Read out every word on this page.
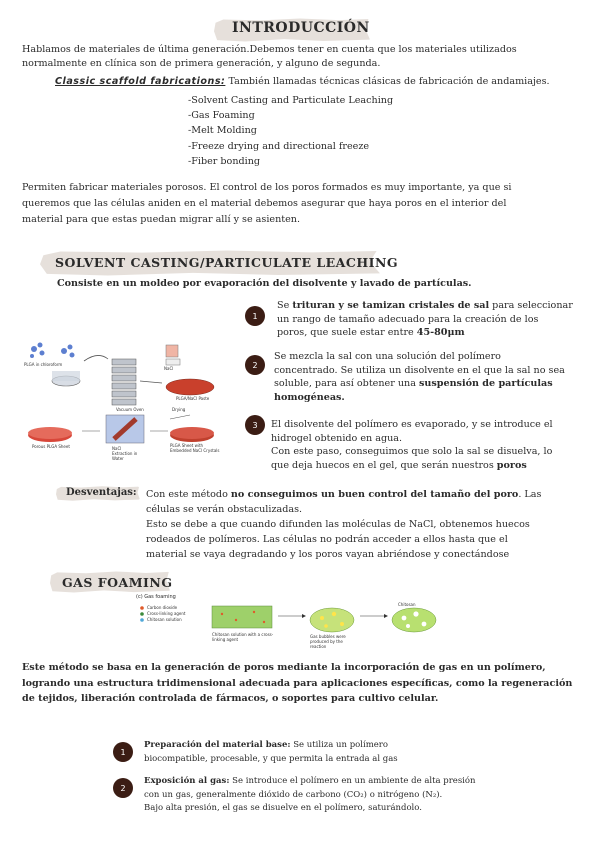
INTRODUCCIÓN
Hablamos de materiales de última generación.Debemos tener en cuenta que los materiales utilizados
normalmente en clínica son de primera generación, y alguno de segunda.
Classic scaffold fabrications: También llamadas técnicas clásicas de fabricación de andamiajes.
-Solvent Casting and Particulate Leaching
-Gas Foaming
-Melt Molding
-Freeze drying and directional freeze
-Fiber bonding
Permiten fabricar materiales porosos. El control de los poros formados es muy importante, ya que si
queremos que las células aniden en el material debemos asegurar que haya poros en el interior del
material para que estas puedan migrar allí y se asienten.
SOLVENT CASTING/PARTICULATE LEACHING
Consiste en un moldeo por evaporación del disolvente y lavado de partículas.
PLGA in chloroform
NaCl
PLGA/NaCl Paste
Drying
Vacuum Oven
Porous PLGA Sheet	NaCl Extraction in Water
PLGA Sheet with Embedded NaCl Crystals
1
Se trituran y se tamizan cristales de sal para seleccionar
un rango de tamaño adecuado para la creación de los
poros, que suele estar entre 45-80μm
2
Se mezcla la sal con una solución del polímero
concentrado. Se utiliza un disolvente en el que la sal no sea
soluble, para así obtener una suspensión de partículas
homogéneas.
3	El disolvente del polímero es evaporado, y se introduce el
hidrogel obtenido en agua.
Con este paso, conseguimos que solo la sal se disuelva, lo
que deja huecos en el gel, que serán nuestros poros
Desventajas: Con este método no conseguimos un buen control del tamaño del poro. Las
células se verán obstaculizadas.
Esto se debe a que cuando difunden las moléculas de NaCl, obtenemos huecos
rodeados de polímeros. Las células no podrán acceder a ellos hasta que el
material se vaya degradando y los poros vayan abriéndose y conectándose
GAS FOAMING
(c) Gas foaming
Carbon dioxide
Cross-linking agent
Chitosan solution
Chitosan solution with a cross-linking agent
Gas bubbles were produced by the reaction
Chitosan
Este método se basa en la generación de poros mediante la incorporación de gas en un polímero,
logrando una estructura tridimensional adecuada para aplicaciones específicas, como la regeneración
de tejidos, liberación controlada de fármacos, o soportes para cultivo celular.
1
Preparación del material base: Se utiliza un polímero
biocompatible, procesable, y que permita la entrada al gas
2
Exposición al gas: Se introduce el polímero en un ambiente de alta presión
con un gas, generalmente dióxido de carbono (CO₂) o nitrógeno (N₂).
Bajo alta presión, el gas se disuelve en el polímero, saturándolo.
